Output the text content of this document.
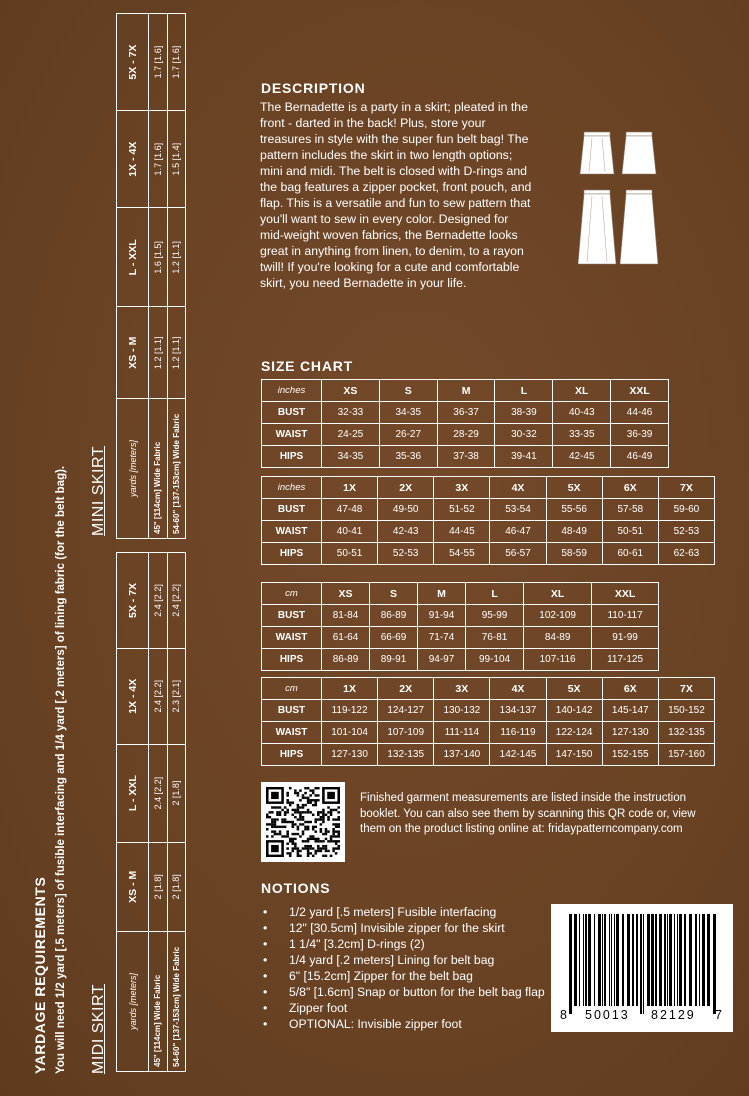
YARDAGE REQUIREMENTS You will need 1/2 yard [.5 meters] of fusible interfacing and 1/4 yard [.2 meters] of lining fabric (for the belt bag). MIDI SKIRT yards [meters]	XS - M	L - XXL	1X - 4X	5X - 7X
45" [114cm] Wide Fabric	2 [1.8]	2.4 [2.2]	2.4 [2.2]	2.4 [2.2]
54-60" [137-153cm] Wide Fabric	2 [1.8]	2 [1.8]	2.3 [2.1]	2.4 [2.2]
MINI SKIRT yards [meters]	XS - M	L - XXL	1X - 4X	5X - 7X
45" [114cm] Wide Fabric	1.2 [1.1]	1.6 [1.5]	1.7 [1.6]	1.7 [1.6]
54-60" [137-153cm] Wide Fabric	1.2 [1.1]	1.2 [1.1]	1.5 [1.4]	1.7 [1.6]
DESCRIPTION
The Bernadette is a party in a skirt; pleated in the front - darted in the back! Plus, store your treasures in style with the super fun belt bag! The pattern includes the skirt in two length options; mini and midi. The belt is closed with D-rings and the bag features a zipper pocket, front pouch, and flap. This is a versatile and fun to sew pattern that you'll want to sew in every color. Designed for mid-weight woven fabrics, the Bernadette looks great in anything from linen, to denim, to a rayon twill! If you're looking for a cute and comfortable skirt, you need Bernadette in your life.
SIZE CHART
inches	XS	S	M	L	XL	XXL
BUST	32-33	34-35	36-37	38-39	40-43	44-46
WAIST	24-25	26-27	28-29	30-32	33-35	36-39
HIPS	34-35	35-36	37-38	39-41	42-45	46-49
inches	1X	2X	3X	4X	5X	6X	7X
BUST	47-48	49-50	51-52	53-54	55-56	57-58	59-60
WAIST	40-41	42-43	44-45	46-47	48-49	50-51	52-53
HIPS	50-51	52-53	54-55	56-57	58-59	60-61	62-63
cm	XS	S	M	L	XL	XXL
BUST	81-84	86-89	91-94	95-99	102-109	110-117
WAIST	61-64	66-69	71-74	76-81	84-89	91-99
HIPS	86-89	89-91	94-97	99-104	107-116	117-125
cm	1X	2X	3X	4X	5X	6X	7X
BUST	119-122	124-127	130-132	134-137	140-142	145-147	150-152
WAIST	101-104	107-109	111-114	116-119	122-124	127-130	132-135
HIPS	127-130	132-135	137-140	142-145	147-150	152-155	157-160
Finished garment measurements are listed inside the instruction booklet. You can also see them by scanning this QR code or, view them on the product listing online at: fridaypatterncompany.com
NOTIONS
• 1/2 yard [.5 meters] Fusible interfacing
• 12" [30.5cm] Invisible zipper for the skirt
• 1 1/4" [3.2cm] D-rings (2)
• 1/4 yard [.2 meters] Lining for belt bag
• 6" [15.2cm] Zipper for the belt bag
• 5/8" [1.6cm] Snap or button for the belt bag flap
• Zipper foot
• OPTIONAL: Invisible zipper foot
8 50013 82129 7
